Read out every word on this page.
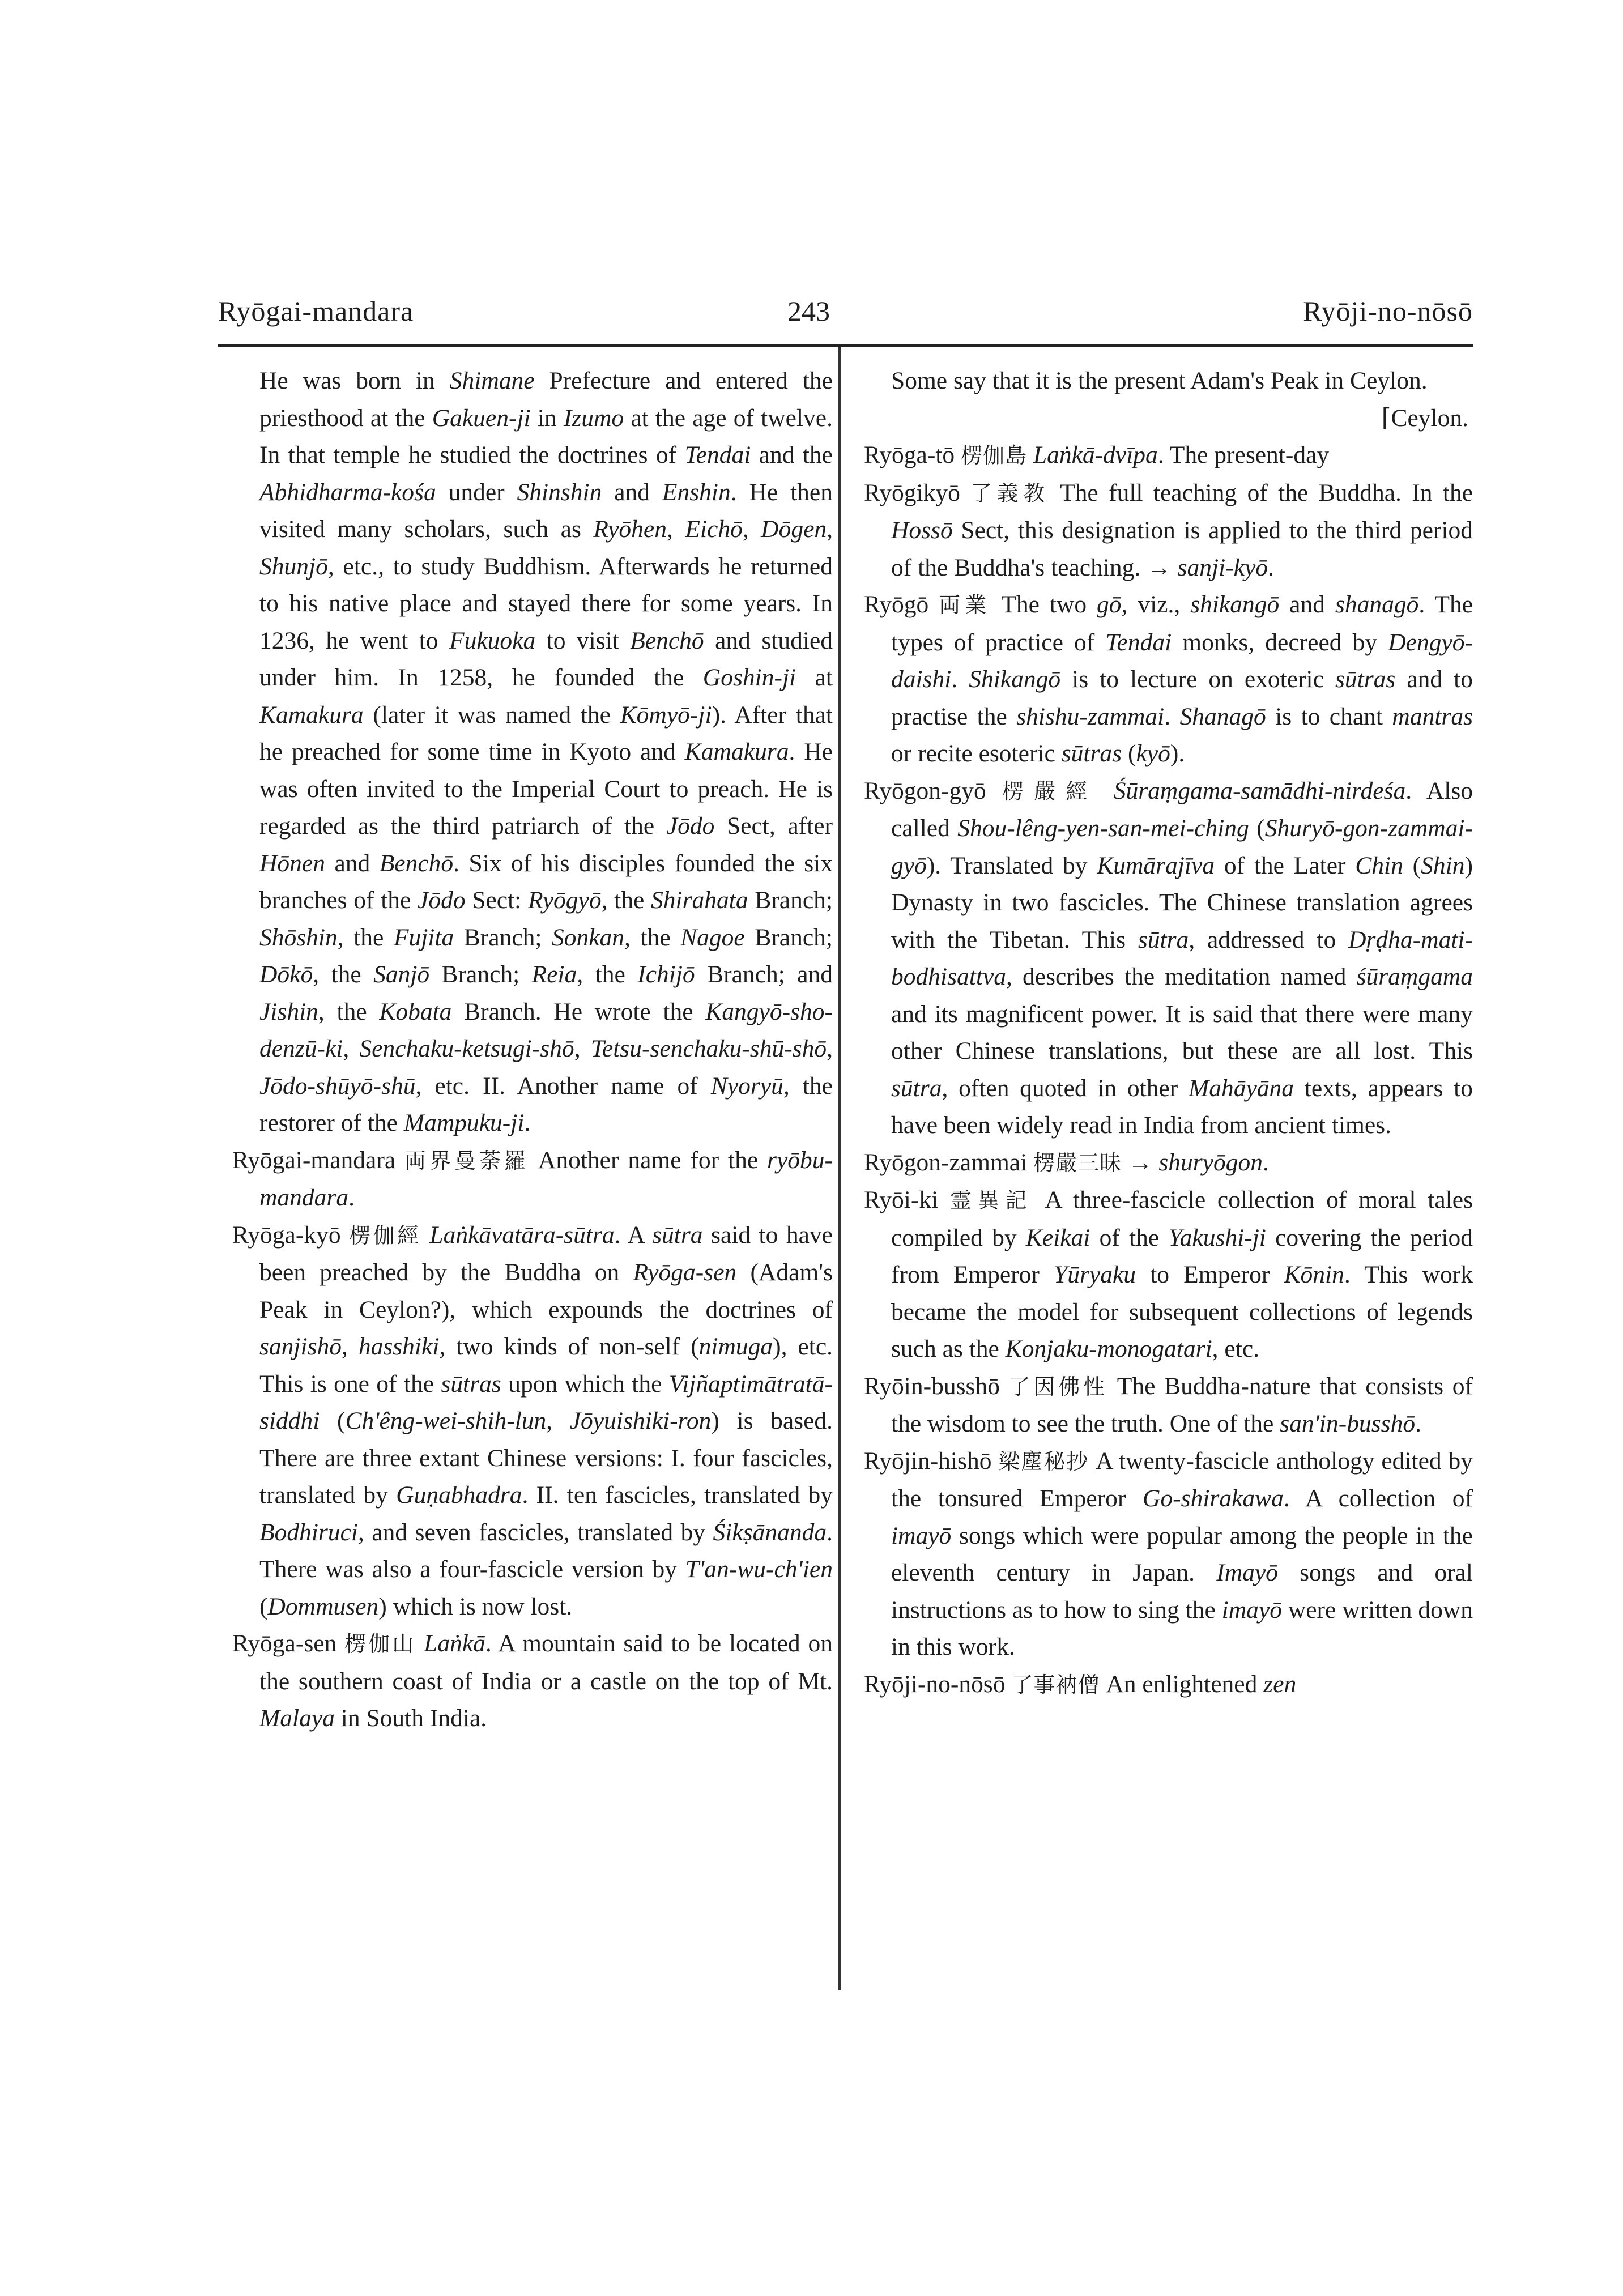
Ryōgai-mandara	243	Ryōji-no-nōsō

He was born in Shimane Prefecture and entered the priesthood at the Gakuen-ji in Izumo at the age of twelve. In that temple he studied the doctrines of Tendai and the Abhidharma-kośa under Shinshin and Enshin. He then visited many scholars, such as Ryōhen, Eichō, Dōgen, Shunjō, etc., to study Buddhism. Afterwards he returned to his native place and stayed there for some years. In 1236, he went to Fukuoka to visit Benchō and studied under him. In 1258, he founded the Goshin-ji at Kamakura (later it was named the Kōmyō-ji). After that he preached for some time in Kyoto and Kamakura. He was often invited to the Imperial Court to preach. He is regarded as the third patriarch of the Jōdo Sect, after Hōnen and Benchō. Six of his disciples founded the six branches of the Jōdo Sect: Ryōgyō, the Shirahata Branch; Shōshin, the Fujita Branch; Sonkan, the Nagoe Branch; Dōkō, the Sanjō Branch; Reia, the Ichijō Branch; and Jishin, the Kobata Branch. He wrote the Kangyō-sho-denzū-ki, Senchaku-ketsugi-shō, Tetsu-senchaku-shū-shō, Jōdo-shūyō-shū, etc. II. Another name of Nyoryū, the restorer of the Mampuku-ji.

Ryōgai-mandara 両界曼荼羅 Another name for the ryōbu-mandara.

Ryōga-kyō 楞伽經 Laṅkāvatāra-sūtra. A sūtra said to have been preached by the Buddha on Ryōga-sen (Adam's Peak in Ceylon?), which expounds the doctrines of sanjishō, hasshiki, two kinds of non-self (nimuga), etc. This is one of the sūtras upon which the Vijñaptimātratā-siddhi (Ch'êng-wei-shih-lun, Jōyuishiki-ron) is based. There are three extant Chinese versions: I. four fascicles, translated by Guṇabhadra. II. ten fascicles, translated by Bodhiruci, and seven fascicles, translated by Śikṣānanda. There was also a four-fascicle version by T'an-wu-ch'ien (Dommusen) which is now lost.

Ryōga-sen 楞伽山 Laṅkā. A mountain said to be located on the southern coast of India or a castle on the top of Mt. Malaya in South India.

Some say that it is the present Adam's Peak in Ceylon.

⌈Ceylon.

Ryōga-tō 楞伽島 Laṅkā-dvīpa. The present-day

Ryōgikyō 了義教 The full teaching of the Buddha. In the Hossō Sect, this designation is applied to the third period of the Buddha's teaching. → sanji-kyō.

Ryōgō 両業 The two gō, viz., shikangō and shanagō. The types of practice of Tendai monks, decreed by Dengyō-daishi. Shikangō is to lecture on exoteric sūtras and to practise the shishu-zammai. Shanagō is to chant mantras or recite esoteric sūtras (kyō).

Ryōgon-gyō 楞嚴經 Śūraṃgama-samādhi-nirdeśa. Also called Shou-lêng-yen-san-mei-ching (Shuryō-gon-zammai-gyō). Translated by Kumārajīva of the Later Chin (Shin) Dynasty in two fascicles. The Chinese translation agrees with the Tibetan. This sūtra, addressed to Dṛḍha-mati-bodhisattva, describes the meditation named śūraṃgama and its magnificent power. It is said that there were many other Chinese translations, but these are all lost. This sūtra, often quoted in other Mahāyāna texts, appears to have been widely read in India from ancient times.

Ryōgon-zammai 楞嚴三昧 → shuryōgon.

Ryōi-ki 霊異記 A three-fascicle collection of moral tales compiled by Keikai of the Yakushi-ji covering the period from Emperor Yūryaku to Emperor Kōnin. This work became the model for subsequent collections of legends such as the Konjaku-monogatari, etc.

Ryōin-busshō 了因佛性 The Buddha-nature that consists of the wisdom to see the truth. One of the san'in-busshō.

Ryōjin-hishō 梁塵秘抄 A twenty-fascicle anthology edited by the tonsured Emperor Go-shirakawa. A collection of imayō songs which were popular among the people in the eleventh century in Japan. Imayō songs and oral instructions as to how to sing the imayō were written down in this work.

Ryōji-no-nōsō 了事衲僧 An enlightened zen
